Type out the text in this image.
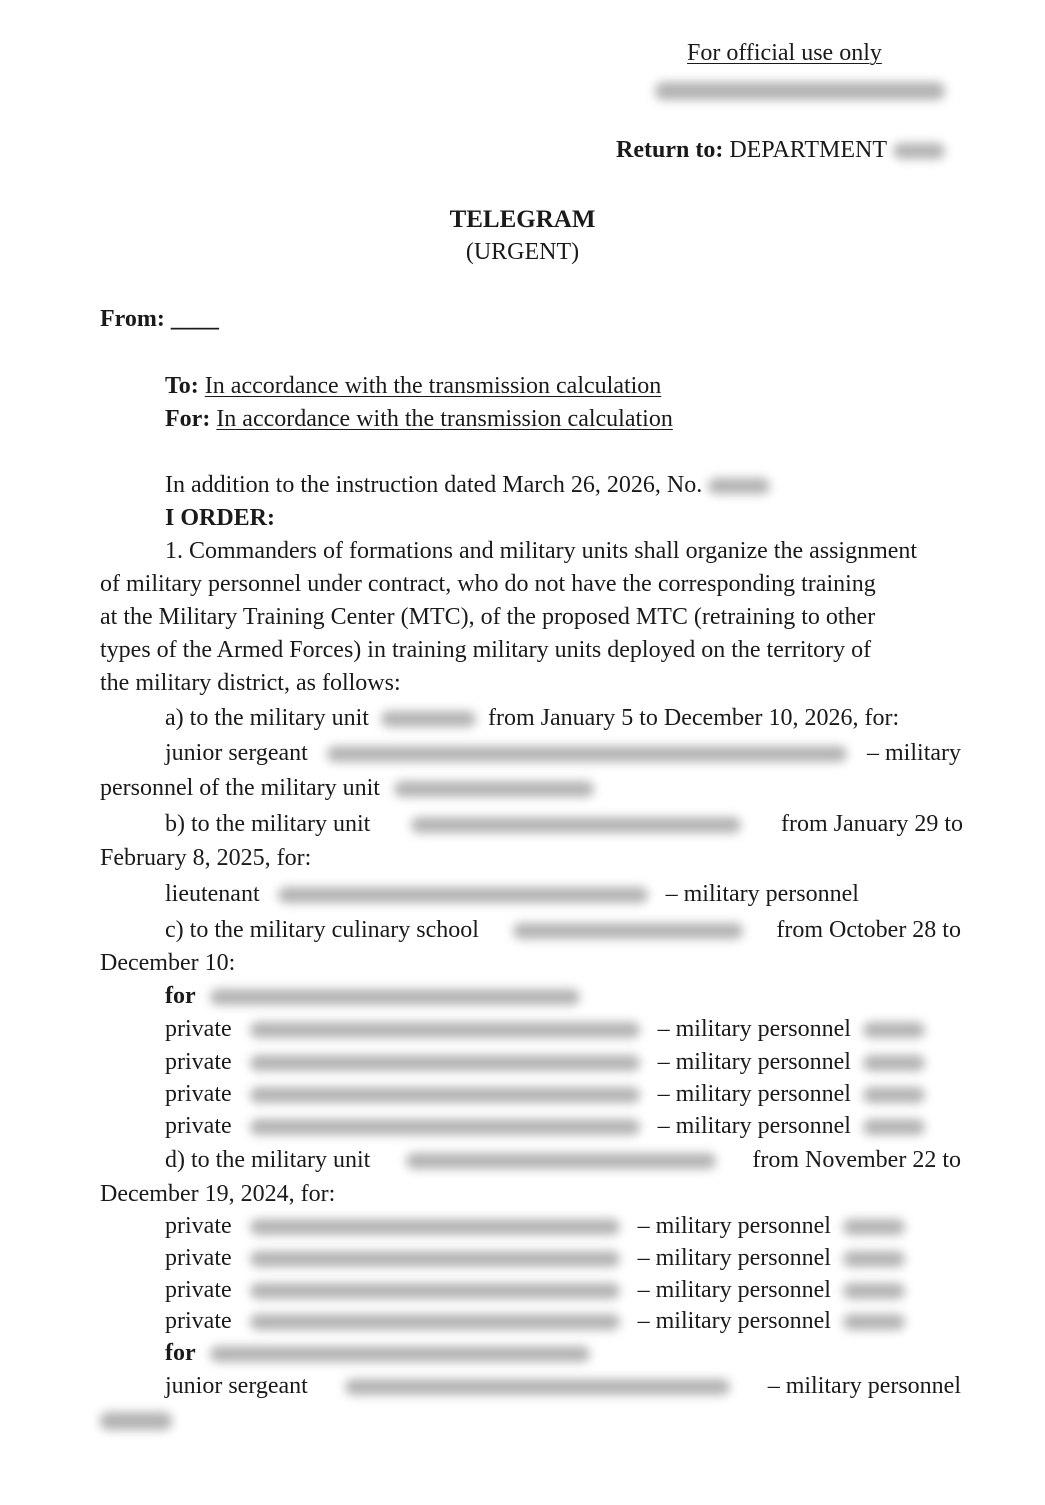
For official use only
Return to: DEPARTMENT
TELEGRAM
(URGENT)
From: ____
To: In accordance with the transmission calculation
For: In accordance with the transmission calculation
In addition to the instruction dated March 26, 2026, No.
I ORDER:
1. Commanders of formations and military units shall organize the assignment
of military personnel under contract, who do not have the corresponding training
at the Military Training Center (MTC), of the proposed MTC (retraining to other
types of the Armed Forces) in training military units deployed on the territory of
the military district, as follows:
a) to the military unit	from January 5 to December 10, 2026, for:
junior sergeant	– military
personnel of the military unit
b) to the military unit	from January 29 to
February 8, 2025, for:
lieutenant	– military personnel
c) to the military culinary school	from October 28 to
December 10:
for
private	– military personnel
private	– military personnel
private	– military personnel
private	– military personnel
d) to the military unit	from November 22 to
December 19, 2024, for:
private	– military personnel
private	– military personnel
private	– military personnel
private	– military personnel
for
junior sergeant	– military personnel
